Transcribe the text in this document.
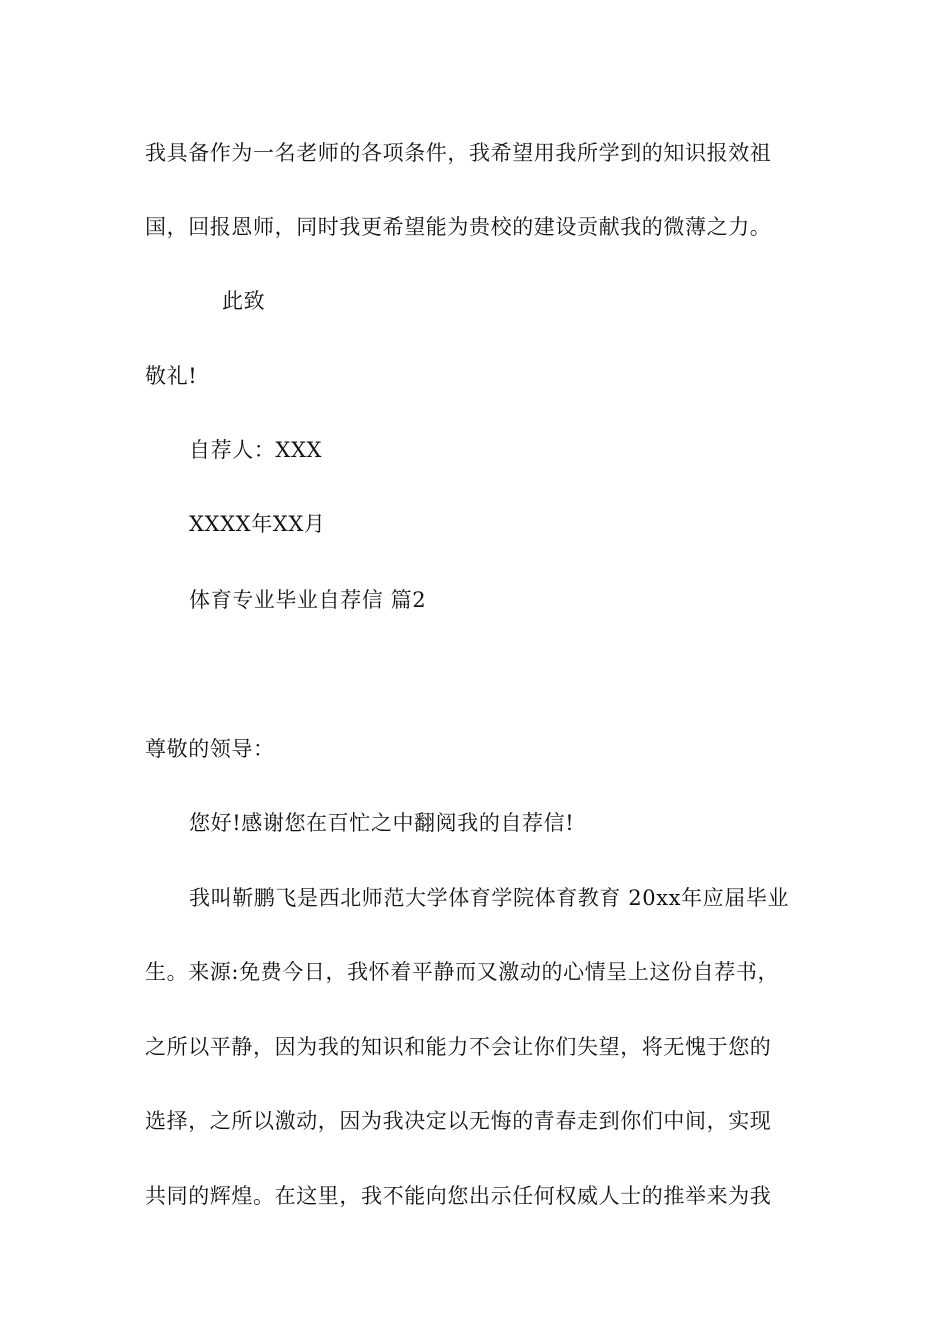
我具备作为一名老师的各项条件，我希望用我所学到的知识报效祖
国，回报恩师，同时我更希望能为贵校的建设贡献我的微薄之力。
此致
敬礼!
自荐人：XXX
XXXX年XX月
体育专业毕业自荐信 篇2
尊敬的领导：
您好!感谢您在百忙之中翻阅我的自荐信!
我叫靳鹏飞是西北师范大学体育学院体育教育 20xx年应届毕业
生。来源:免费今日，我怀着平静而又激动的心情呈上这份自荐书，
之所以平静，因为我的知识和能力不会让你们失望，将无愧于您的
选择，之所以激动，因为我决定以无悔的青春走到你们中间，实现
共同的辉煌。在这里，我不能向您出示任何权威人士的推举来为我
